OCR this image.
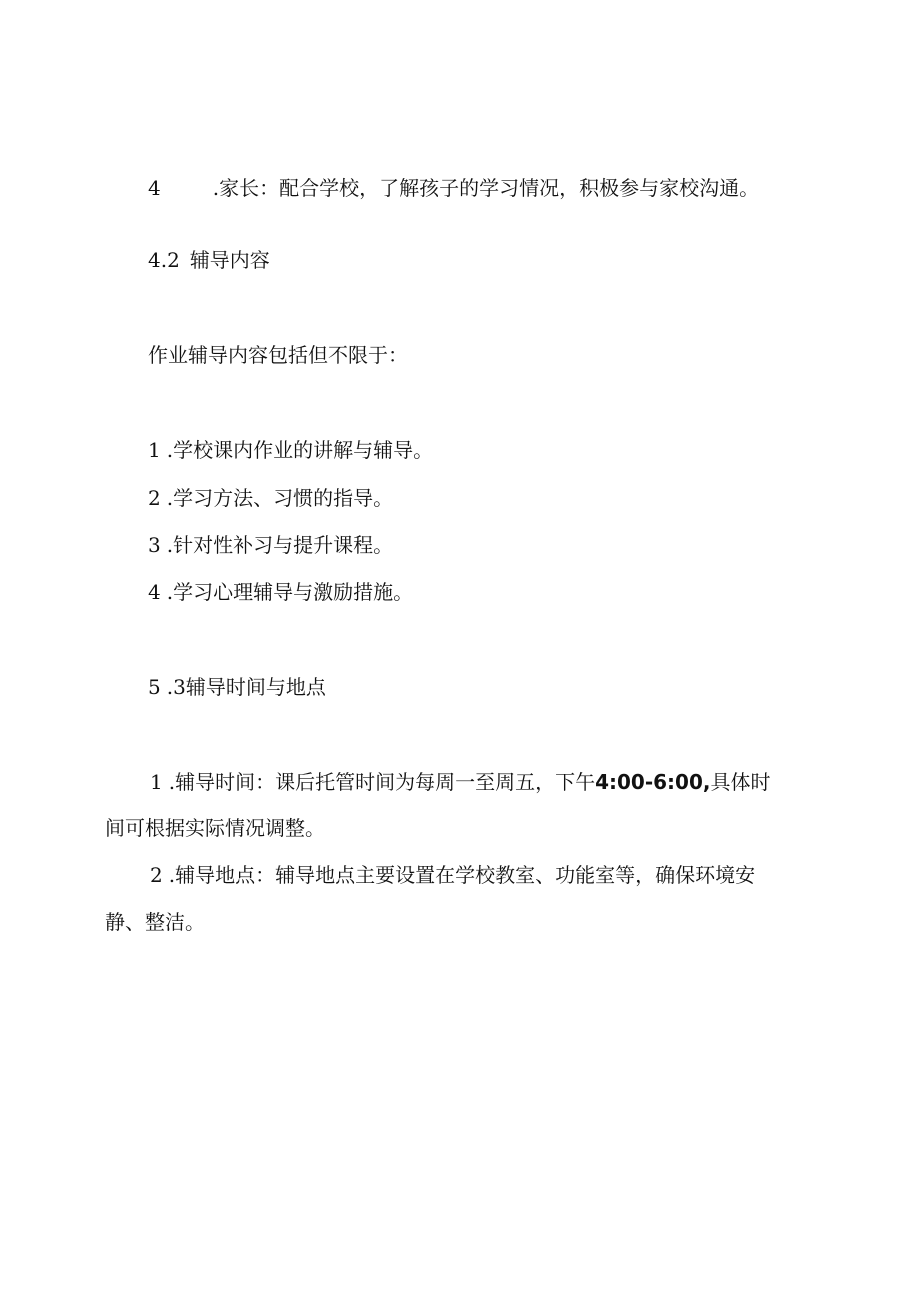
4	.家长：配合学校，了解孩子的学习情况，积极参与家校沟通。
4.2 辅导内容
作业辅导内容包括但不限于：
1 .学校课内作业的讲解与辅导。
2 .学习方法、习惯的指导。
3 .针对性补习与提升课程。
4 .学习心理辅导与激励措施。
5 .3辅导时间与地点
1 .辅导时间：课后托管时间为每周一至周五，下午4:00-6:00,具体时
间可根据实际情况调整。
2 .辅导地点：辅导地点主要设置在学校教室、功能室等，确保环境安
静、整洁。
